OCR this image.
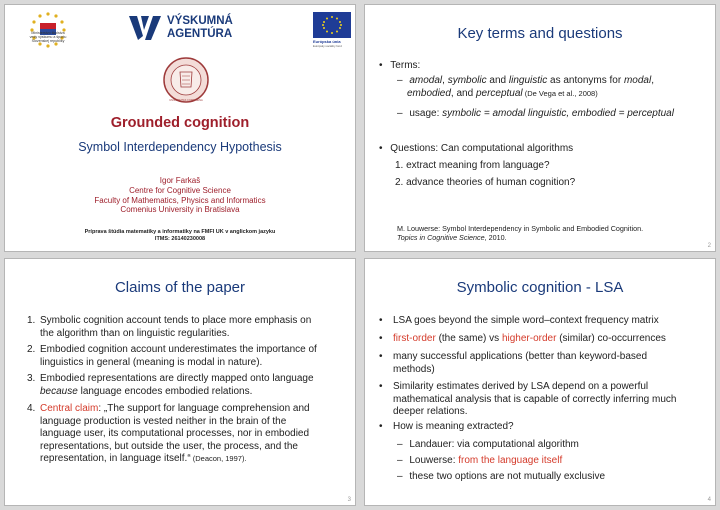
Ministerstvo školstva
vedy výskumu a športu
Slovenskej republiky
VÝSKUMNÁ
AGENTÚRA
Európska únia
Európsky sociálny fond
UNIVERSITAS COMENIANA
Grounded cognition
Symbol Interdependency Hypothesis
Igor Farkaš
Centre for Cognitive Science
Faculty of Mathematics, Physics and Informatics
Comenius University in Bratislava
Príprava štúdia matematiky a informatiky na FMFI UK v anglickom jazyku
ITMS: 26140230008
Key terms and questions
• Terms:
– amodal, symbolic and linguistic as antonyms for modal,
embodied, and perceptual (De Vega et al., 2008)
– usage: symbolic = amodal linguistic, embodied = perceptual
• Questions: Can computational algorithms
1. extract meaning from language?
2. advance theories of human cognition?
M. Louwerse: Symbol Interdependency in Symbolic and Embodied Cognition.
Topics in Cognitive Science, 2010.
2
Claims of the paper
1. Symbolic cognition account tends to place more emphasis on
the algorithm than on linguistic regularities.
2. Embodied cognition account underestimates the importance of
linguistics in general (meaning is modal in nature).
3. Embodied representations are directly mapped onto language
because language encodes embodied relations.
4. Central claim: „The support for language comprehension and
language production is vested neither in the brain of the
language user, its computational processes, nor in embodied
representations, but outside the user, the process, and the
representation, in language itself.“ (Deacon, 1997).
3
Symbolic cognition - LSA
• LSA goes beyond the simple word–context frequency matrix
• first-order (the same) vs higher-order (similar) co-occurrences
• many successful applications (better than keyword-based
methods)
• Similarity estimates derived by LSA depend on a powerful
mathematical analysis that is capable of correctly inferring much
deeper relations.
• How is meaning extracted?
– Landauer: via computational algorithm
– Louwerse: from the language itself
– these two options are not mutually exclusive
4
